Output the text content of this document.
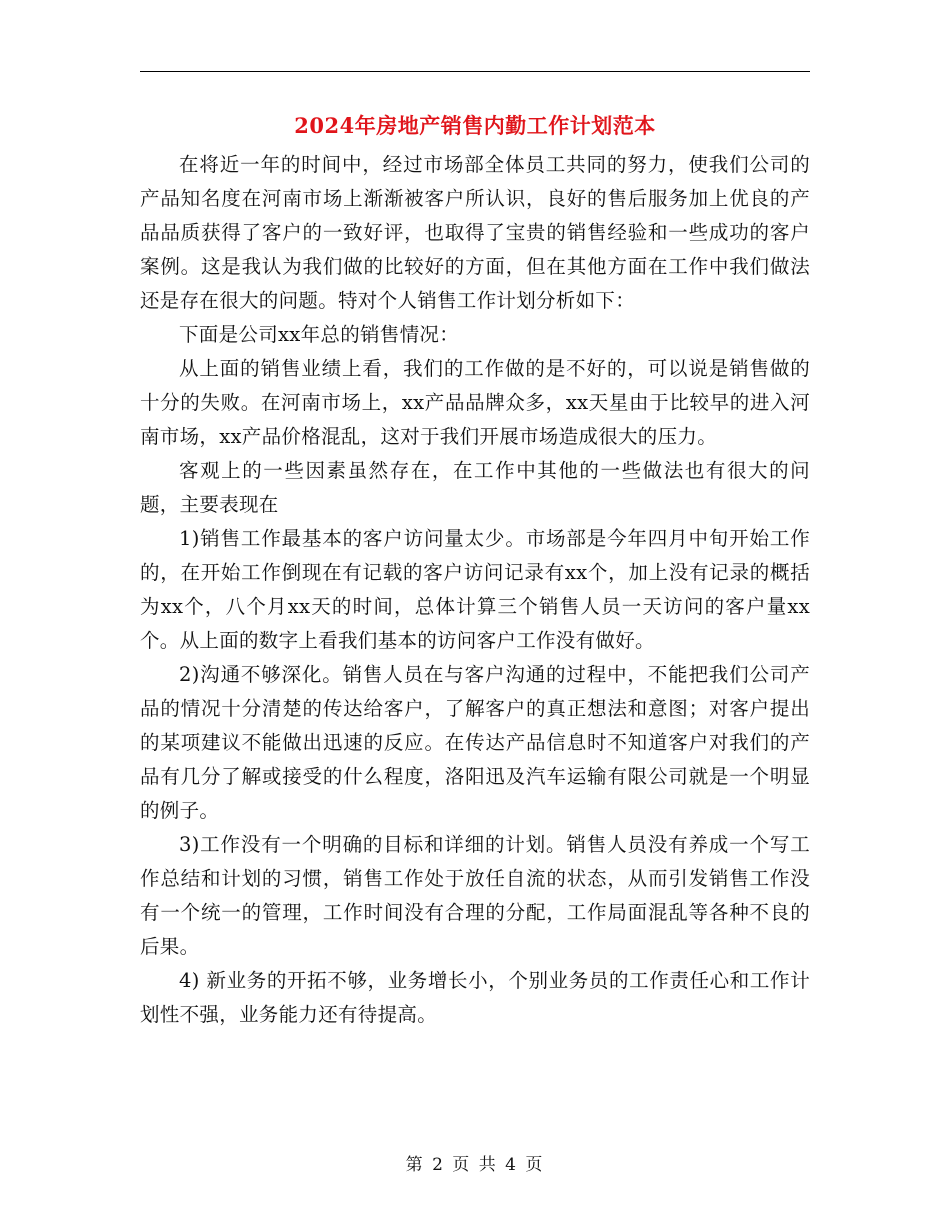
2024年房地产销售内勤工作计划范本

在将近一年的时间中，经过市场部全体员工共同的努力，使我们公司的产品知名度在河南市场上渐渐被客户所认识，良好的售后服务加上优良的产品品质获得了客户的一致好评，也取得了宝贵的销售经验和一些成功的客户案例。这是我认为我们做的比较好的方面，但在其他方面在工作中我们做法还是存在很大的问题。特对个人销售工作计划分析如下：

下面是公司xx年总的销售情况：

从上面的销售业绩上看，我们的工作做的是不好的，可以说是销售做的十分的失败。在河南市场上，xx产品品牌众多，xx天星由于比较早的进入河南市场，xx产品价格混乱，这对于我们开展市场造成很大的压力。

客观上的一些因素虽然存在，在工作中其他的一些做法也有很大的问题，主要表现在

1)销售工作最基本的客户访问量太少。市场部是今年四月中旬开始工作的，在开始工作倒现在有记载的客户访问记录有xx个，加上没有记录的概括为xx个，八个月xx天的时间，总体计算三个销售人员一天访问的客户量xx个。从上面的数字上看我们基本的访问客户工作没有做好。

2)沟通不够深化。销售人员在与客户沟通的过程中，不能把我们公司产品的情况十分清楚的传达给客户，了解客户的真正想法和意图；对客户提出的某项建议不能做出迅速的反应。在传达产品信息时不知道客户对我们的产品有几分了解或接受的什么程度，洛阳迅及汽车运输有限公司就是一个明显的例子。

3)工作没有一个明确的目标和详细的计划。销售人员没有养成一个写工作总结和计划的习惯，销售工作处于放任自流的状态，从而引发销售工作没有一个统一的管理，工作时间没有合理的分配，工作局面混乱等各种不良的后果。

4) 新业务的开拓不够，业务增长小，个别业务员的工作责任心和工作计划性不强，业务能力还有待提高。

第 2 页 共 4 页
